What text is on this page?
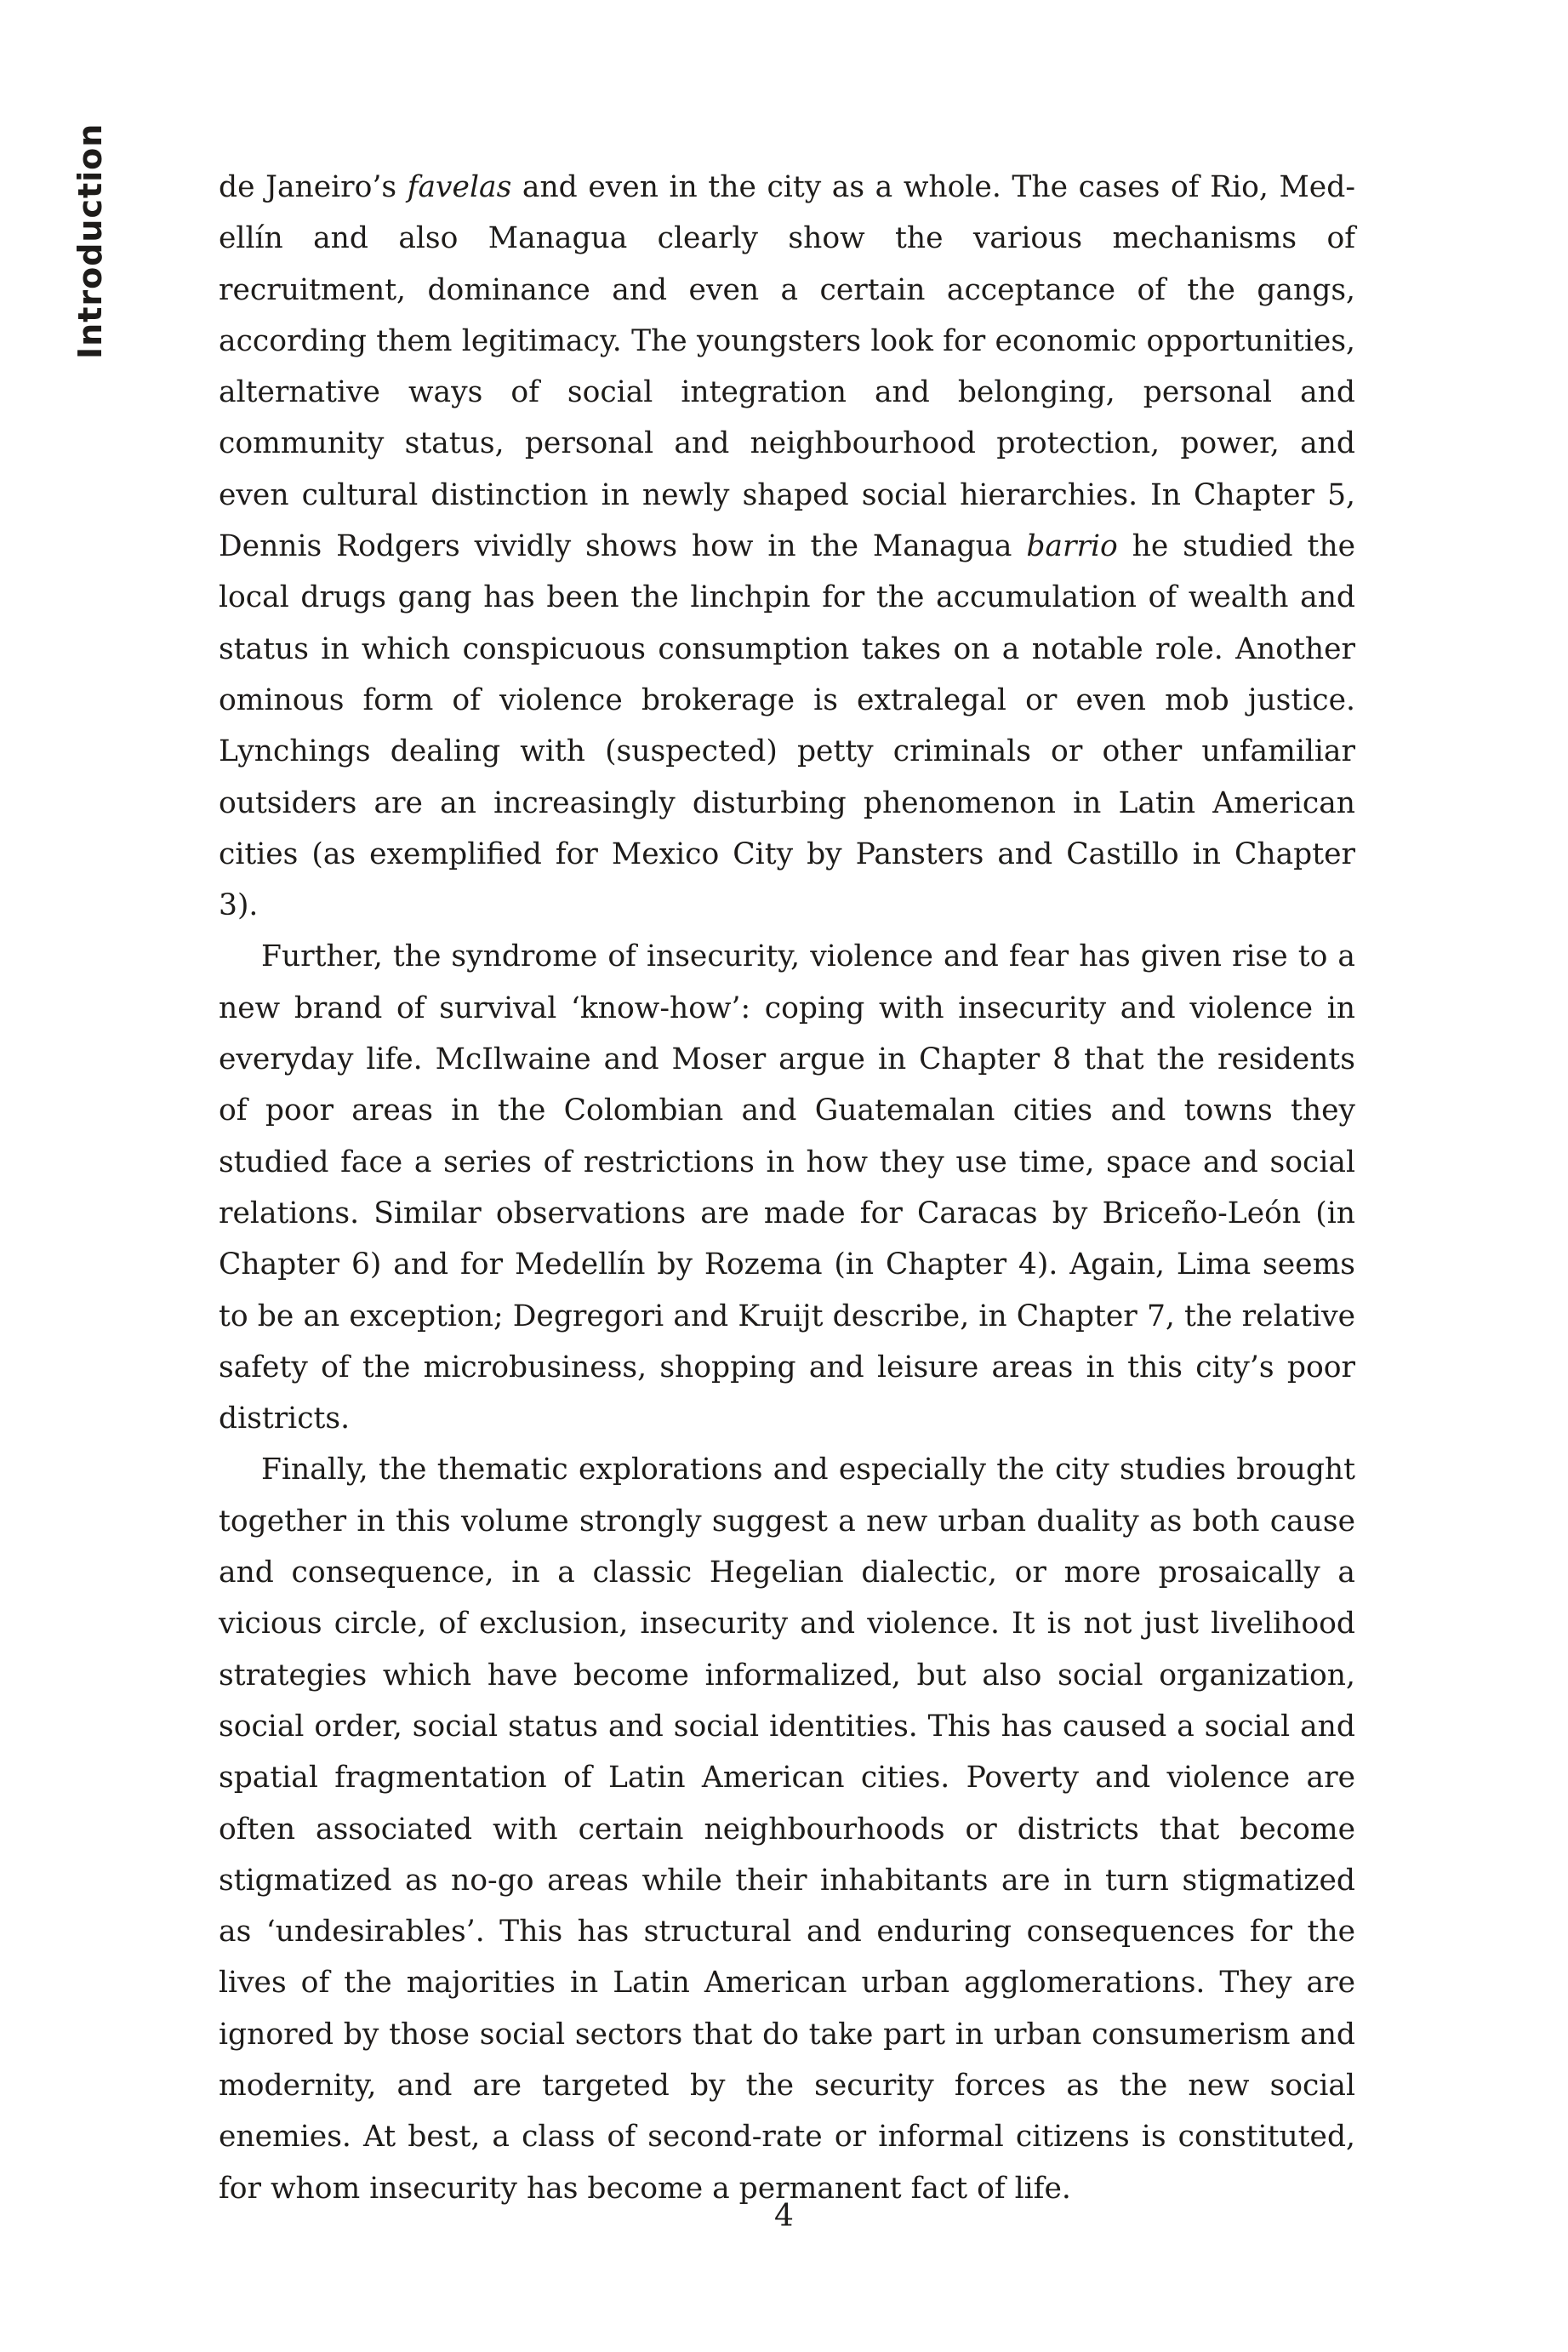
Introduction	de Janeiro’s favelas and even in the city as a whole. The cases of Rio, Medellín and also Managua clearly show the various mechanisms of recruitment, dominance and even a certain acceptance of the gangs, according them legitimacy. The youngsters look for economic opportunities, alternative ways of social integration and belonging, personal and community status, personal and neighbourhood protection, power, and even cultural distinction in newly shaped social hierarchies. In Chapter 5, Dennis Rodgers vividly shows how in the Managua barrio he studied the local drugs gang has been the linchpin for the accumulation of wealth and status in which conspicuous consumption takes on a notable role. Another ominous form of violence brokerage is extralegal or even mob justice. Lynchings dealing with (suspected) petty criminals or other unfamiliar outsiders are an increasingly disturbing phenomenon in Latin American cities (as exemplified for Mexico City by Pansters and Castillo in Chapter 3).

Further, the syndrome of insecurity, violence and fear has given rise to a new brand of survival ‘know-how’: coping with insecurity and violence in everyday life. McIlwaine and Moser argue in Chapter 8 that the residents of poor areas in the Colombian and Guatemalan cities and towns they studied face a series of restrictions in how they use time, space and social relations. Similar observations are made for Caracas by Briceño-León (in Chapter 6) and for Medellín by Rozema (in Chapter 4). Again, Lima seems to be an exception; Degregori and Kruijt describe, in Chapter 7, the relative safety of the microbusiness, shopping and leisure areas in this city’s poor districts.

Finally, the thematic explorations and especially the city studies brought together in this volume strongly suggest a new urban duality as both cause and consequence, in a classic Hegelian dialectic, or more prosaically a vicious circle, of exclusion, insecurity and violence. It is not just livelihood strategies which have become informalized, but also social organization, social order, social status and social identities. This has caused a social and spatial fragmentation of Latin American cities. Poverty and violence are often associated with certain neighbourhoods or districts that become stigmatized as no-go areas while their inhabitants are in turn stigmatized as ‘undesirables’. This has structural and enduring consequences for the lives of the majorities in Latin American urban agglomerations. They are ignored by those social sectors that do take part in urban consumerism and modernity, and are targeted by the security forces as the new social enemies. At best, a class of second-rate or informal citizens is constituted, for whom insecurity has become a permanent fact of life.

4
